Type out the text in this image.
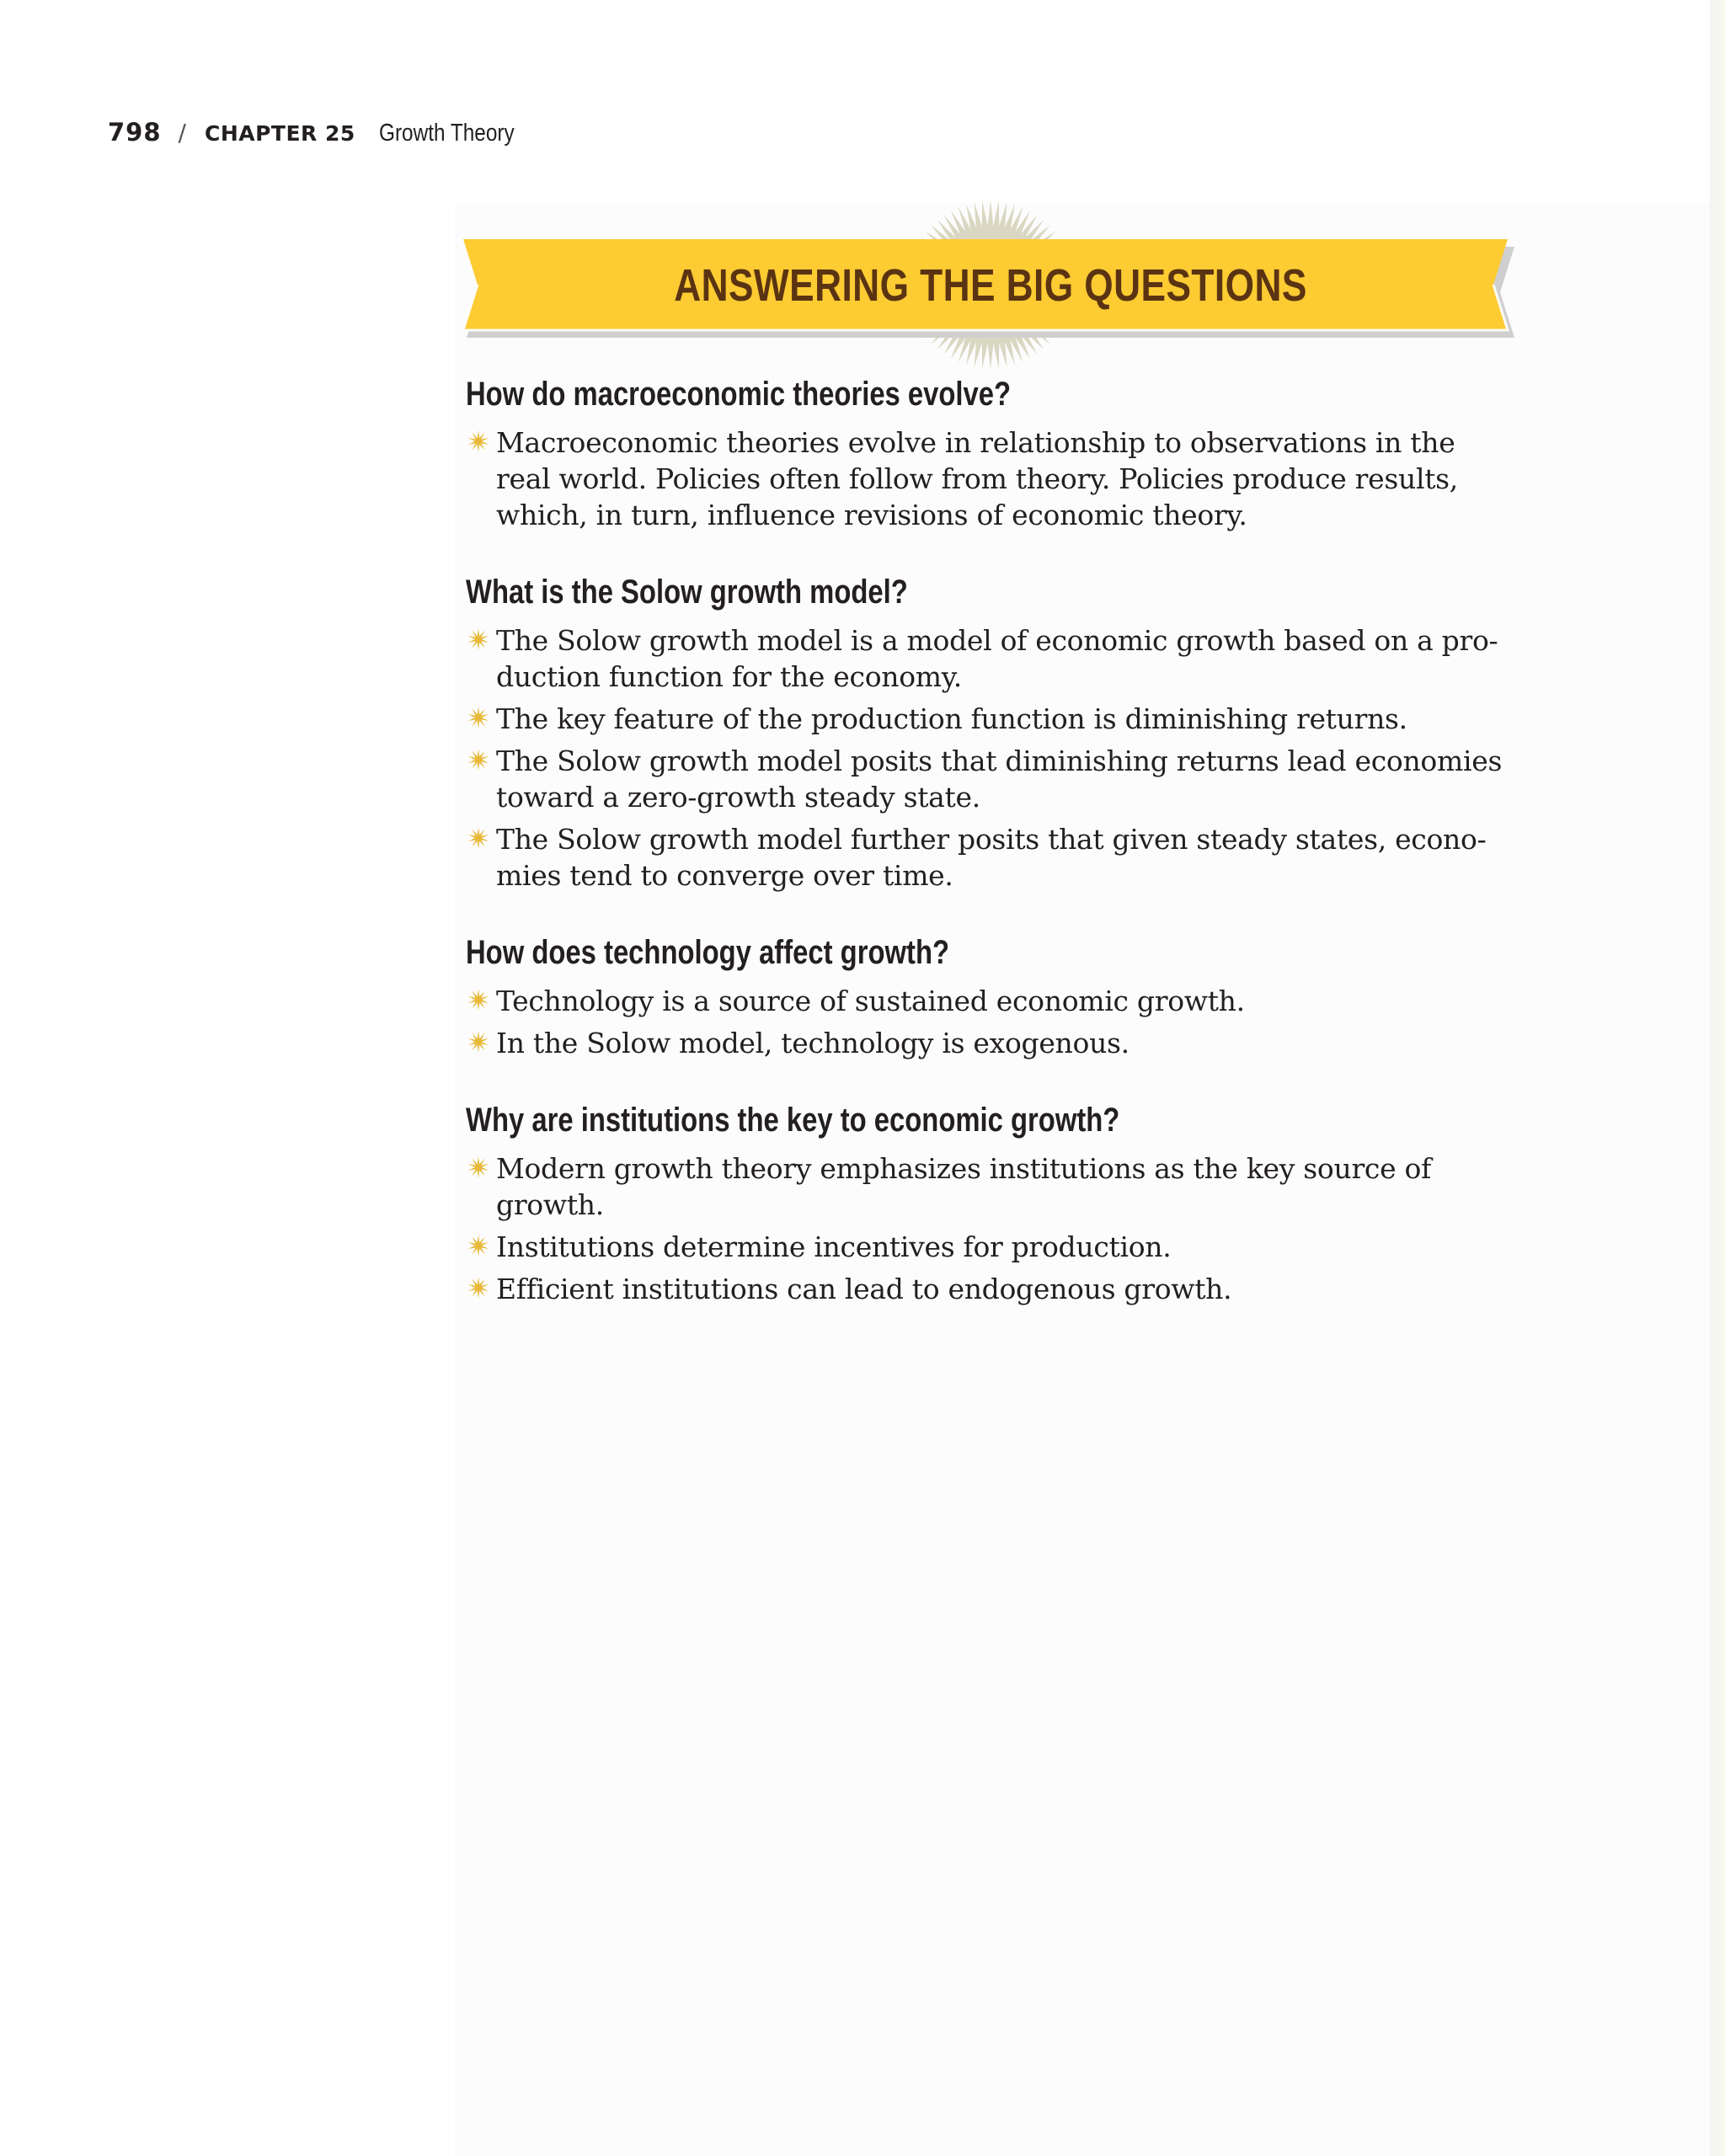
798 / CHAPTER 25 Growth Theory
ANSWERING THE BIG QUESTIONS
How do macroeconomic theories evolve?
Macroeconomic theories evolve in relationship to observations in the real world. Policies often follow from theory. Policies produce results, which, in turn, influence revisions of economic theory.
What is the Solow growth model?
The Solow growth model is a model of economic growth based on a pro-duction function for the economy.
The key feature of the production function is diminishing returns.
The Solow growth model posits that diminishing returns lead economies toward a zero-growth steady state.
The Solow growth model further posits that given steady states, econo-mies tend to converge over time.
How does technology affect growth?
Technology is a source of sustained economic growth.
In the Solow model, technology is exogenous.
Why are institutions the key to economic growth?
Modern growth theory emphasizes institutions as the key source of growth.
Institutions determine incentives for production.
Efficient institutions can lead to endogenous growth.
